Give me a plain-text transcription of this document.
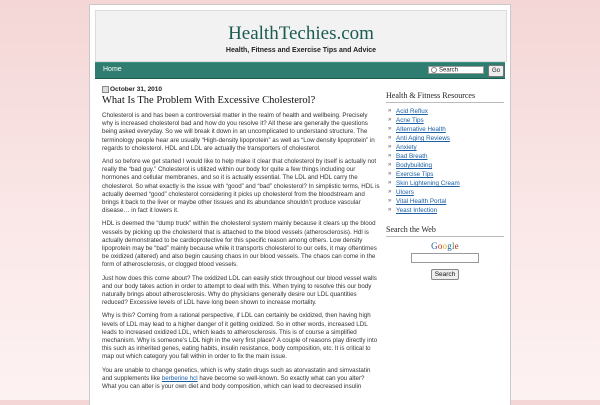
HealthTechies.com
Health, Fitness and Exercise Tips and Advice
Home	Search	Go
October 31, 2010
What Is The Problem With Excessive Cholesterol?

Cholesterol is and has been a controversial matter in the realm of health and wellbeing. Precisely why is increased cholesterol bad and how do you resolve it? All these are generally the questions being asked everyday. So we will break it down in an uncomplicated to understand structure. The terminology people hear are usually “High-density lipoprotein” as well as “Low density lipoprotein” in regards to cholesterol. HDL and LDL are actually the transporters of cholesterol.

And so before we get started I would like to help make it clear that cholesterol by itself is actually not really the “bad guy.” Cholesterol is utilized within our body for quite a few things including our hormones and cellular membranes, and so it is actually essential. The LDL and HDL carry the cholesterol. So what exactly is the issue with “good” and “bad” cholesterol? In simplistic terms, HDL is actually deemed “good” cholesterol considering it picks up cholesterol from the bloodstream and brings it back to the liver or maybe other tissues and its abundance shouldn’t produce vascular disease… in fact it lowers it.

HDL is deemed the “dump truck” within the cholesterol system mainly because it clears up the blood vessels by picking up the cholesterol that is attached to the blood vessels (atherosclerosis). Hdl is actually demonstrated to be cardioprotective for this specific reason among others. Low density lipoprotein may be “bad” mainly because while it transports cholesterol to our cells, it may oftentimes be oxidized (altered) and also begin causing chaos in our blood vessels. The chaos can come in the form of atherosclerosis, or clogged blood vessels.

Just how does this come about? The oxidized LDL can easily stick throughout our blood vessel walls and our body takes action in order to attempt to deal with this. When trying to resolve this our body naturally brings about atherosclerosis. Why do physicians generally desire our LDL quantities reduced? Excessive levels of LDL have long been shown to increase mortality.

Why is this? Coming from a rational perspective, if LDL can certainly be oxidized, then having high levels of LDL may lead to a higher danger of it getting oxidized. So in other words, increased LDL leads to increased oxidized LDL, which leads to atherosclerosis. This is of course a simplified mechanism. Why is someone’s LDL high in the very first place? A couple of reasons play directly into this such as inherited genes, eating habits, insulin resistance, body composition, etc. It is critical to map out which category you fall within in order to fix the main issue.

You are unable to change genetics, which is why statin drugs such as atorvastatin and simvastatin and supplements like berberine hcl have become so well-known. So exactly what can you alter? What you can alter is your own diet and body composition, which can lead to decreased insulin

Health & Fitness Resources
» Acid Reflux
» Acne Tips
» Alternative Health
» Anti Aging Reviews
» Anxiety
» Bad Breath
» Bodybuilding
» Exercise Tips
» Skin Lightening Cream
» Ulcers
» Vital Health Portal
» Yeast Infection
Search the Web
Google
Search
